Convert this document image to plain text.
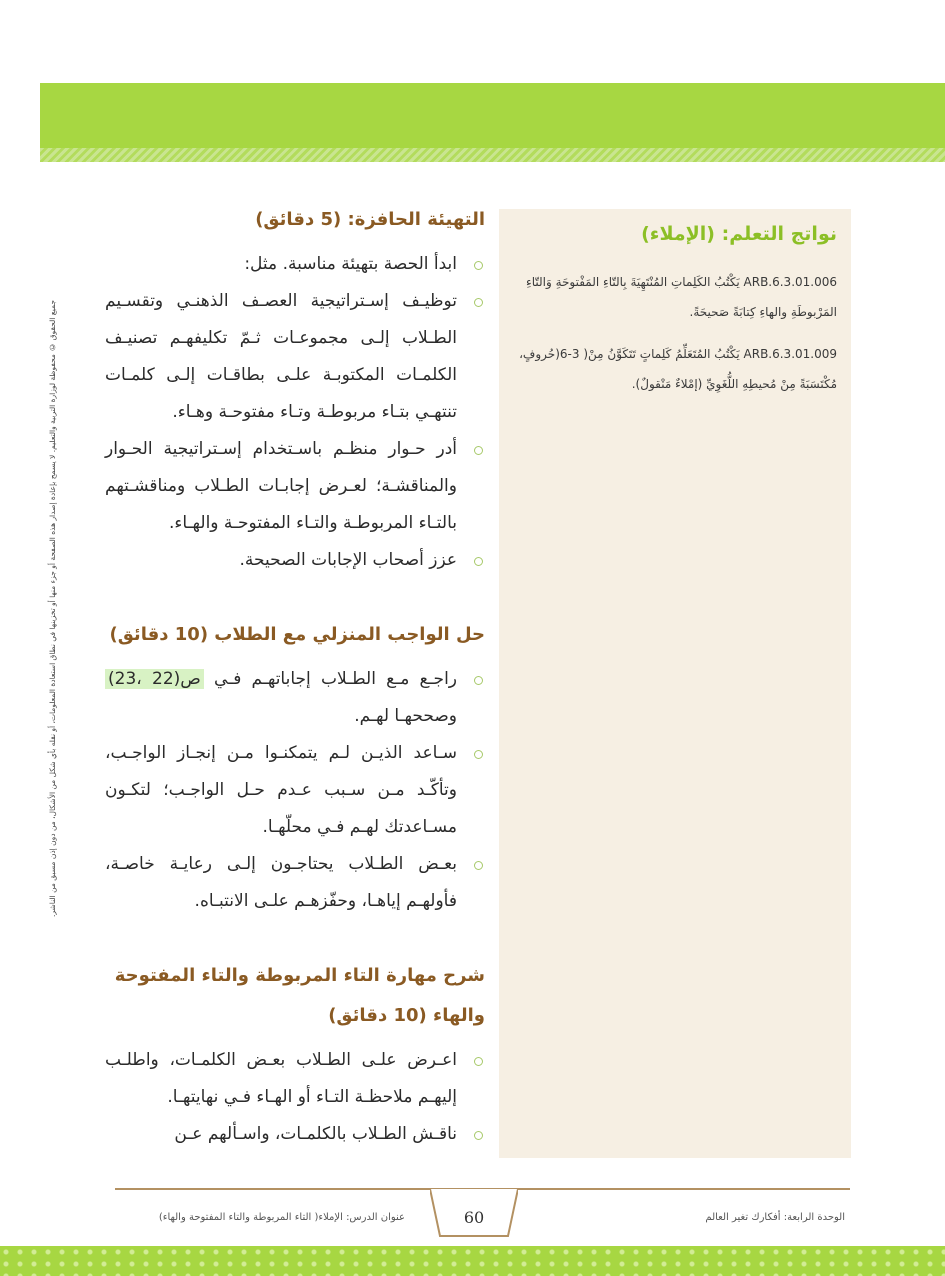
جميع الحقوق © محفوظة لوزارة التربية والتعليم. لا يسمح بإعادة إصدار هذه الصفحة أو جزء منها أو تخزينها في نطاق استعادة المعلومات، أو نقله بأي شكل من الأشكال، من دون إذن مسبق من الناشر.
نواتج التعلم: (الإملاء)

ARB.6.3.01.006 يَكْتُبُ الكَلِماتِ المُنْتَهِيَةَ بِالتّاءِ المَفْتوحَةِ وَالتّاءِ المَرْبوطَةِ والهاءِ كِتابَةً صَحيحَةً.

ARB.6.3.01.009 يَكْتُبُ المُتَعَلِّمُ كَلِماتٍ تَتَكَوَّنُ مِنْ( 3-6(حُروفٍ، مُكْتَسَبَةً مِنْ مُحيطِهِ اللُّغَوِيِّ (إمْلاءٌ مَنْقولٌ).

التهيئة الحافزة: (5 دقائق)
ابدأ الحصة بتهيئة مناسبة. مثل:
توظيـف إسـتراتيجية العصـف الذهنـي وتقسـيم الطـلاب إلـى مجموعـات ثـمّ تكليفهـم تصنيـف الكلمـات المكتوبـة علـى بطاقـات إلـى كلمـات تنتهـي بتـاء مربوطـة وتـاء مفتوحـة وهـاء.
أدر حـوار منظـم باسـتخدام إسـتراتيجية الحـوار والمناقشـة؛ لعـرض إجابـات الطـلاب ومناقشـتهم بالتـاء المربوطـة والتـاء المفتوحـة والهـاء.
عزز أصحاب الإجابات الصحيحة.
حل الواجب المنزلي مع الطلاب (10 دقائق)
راجـع مـع الطـلاب إجاباتهـم فـي ص(22 ،23) وصححهـا لهـم.
سـاعد الذيـن لـم يتمكنـوا مـن إنجـاز الواجـب، وتأكّـد مـن سـبب عـدم حـل الواجـب؛ لتكـون مسـاعدتك لهـم فـي محلّهـا.
بعـض الطـلاب يحتاجـون إلـى رعايـة خاصـة، فأولهـم إياهـا، وحفّزهـم علـى الانتبـاه.
شرح مهارة التاء المربوطة والتاء المفتوحة والهاء (10 دقائق)
اعـرض علـى الطـلاب بعـض الكلمـات، واطلـب إليهـم ملاحظـة التـاء أو الهـاء فـي نهايتهـا.
ناقـش الطـلاب بالكلمـات، واسـألهم عـن
60
عنوان الدرس: الإملاء( التاء المربوطة والتاء المفتوحة والهاء)	الوحدة الرابعة: أفكارك تغير العالم
